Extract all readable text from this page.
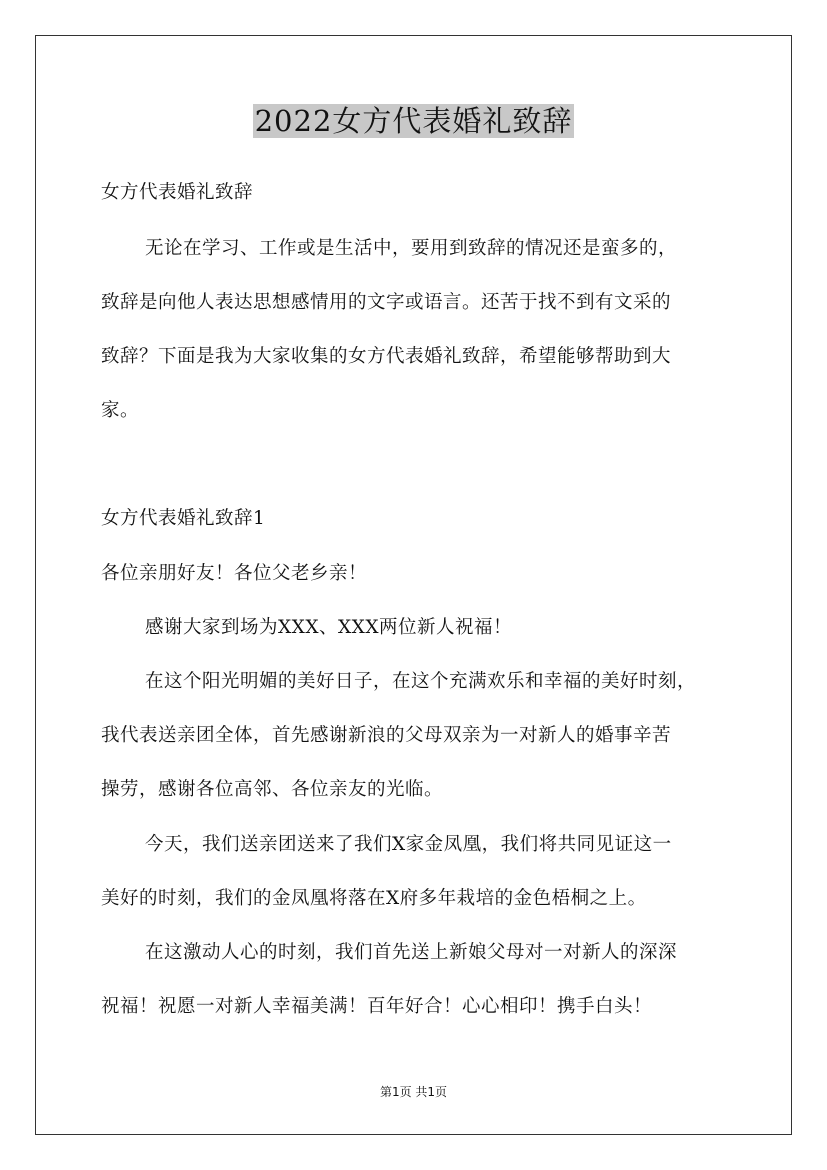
2022女方代表婚礼致辞
女方代表婚礼致辞
无论在学习、工作或是生活中，要用到致辞的情况还是蛮多的，
致辞是向他人表达思想感情用的文字或语言。还苦于找不到有文采的
致辞？下面是我为大家收集的女方代表婚礼致辞，希望能够帮助到大
家。
女方代表婚礼致辞1
各位亲朋好友！各位父老乡亲！
感谢大家到场为XXX、XXX两位新人祝福！
在这个阳光明媚的美好日子，在这个充满欢乐和幸福的美好时刻，
我代表送亲团全体，首先感谢新浪的父母双亲为一对新人的婚事辛苦
操劳，感谢各位高邻、各位亲友的光临。
今天，我们送亲团送来了我们X家金凤凰，我们将共同见证这一
美好的时刻，我们的金凤凰将落在X府多年栽培的金色梧桐之上。
在这激动人心的时刻，我们首先送上新娘父母对一对新人的深深
祝福！祝愿一对新人幸福美满！百年好合！心心相印！携手白头！
第1页 共1页
